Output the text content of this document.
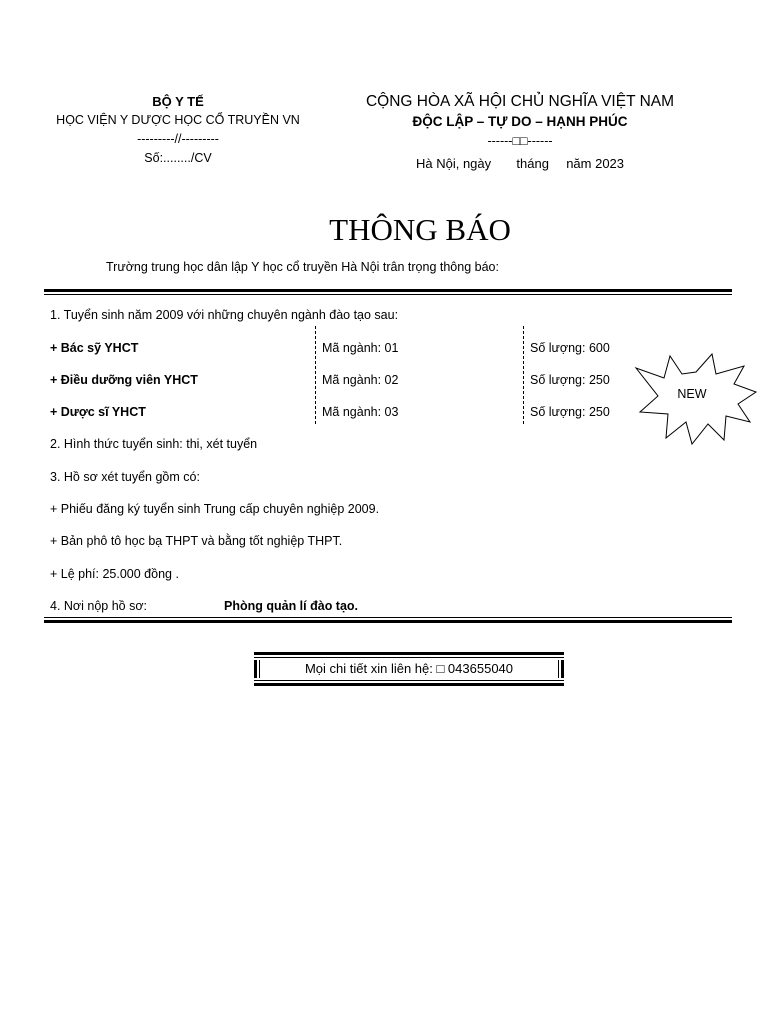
BỘ Y TẾ
HỌC VIỆN Y DƯỢC HỌC CỔ TRUYỀN VN
---------//---------
Số:......../CV
CỘNG HÒA XÃ HỘI CHỦ NGHĨA VIỆT NAM
ĐỘC LẬP – TỰ DO – HẠNH PHÚC
------□□------
Hà Nội, ngày tháng năm 2023
THÔNG BÁO
Trường trung học dân lập Y học cổ truyền Hà Nội trân trọng thông báo:
1. Tuyển sinh năm 2009 với những chuyên ngành đào tạo sau:
+ Bác sỹ YHCT	Mã ngành: 01	Số lượng: 600
+ Điều dưỡng viên YHCT	Mã ngành: 02	Số lượng: 250
+ Dược sĩ YHCT	Mã ngành: 03	Số lượng: 250
NEW
2. Hình thức tuyển sinh: thi, xét tuyển
3. Hồ sơ xét tuyển gồm có:
+ Phiếu đăng ký tuyển sinh Trung cấp chuyên nghiệp 2009.
+ Bản phô tô học bạ THPT và bằng tốt nghiệp THPT.
+ Lệ phí: 25.000 đồng .
4. Nơi nộp hồ sơ:	Phòng quản lí đào tạo.
Mọi chi tiết xin liên hệ: □ 043655040
